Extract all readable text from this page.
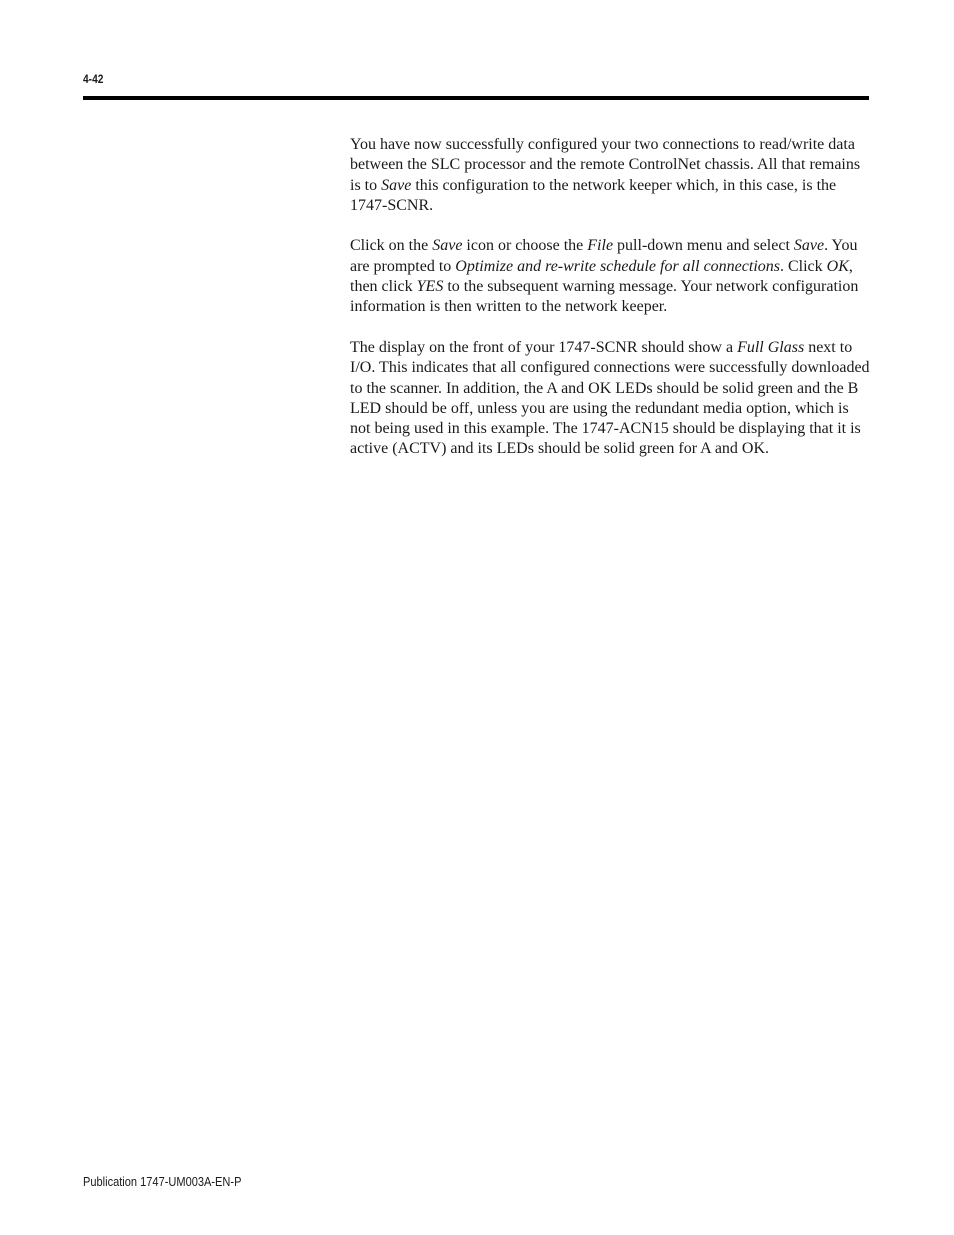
4-42

You have now successfully configured your two connections to read/write data between the SLC processor and the remote ControlNet chassis. All that remains is to Save this configuration to the network keeper which, in this case, is the 1747-SCNR.

Click on the Save icon or choose the File pull-down menu and select Save. You are prompted to Optimize and re-write schedule for all connections. Click OK, then click YES to the subsequent warning message. Your network configuration information is then written to the network keeper.

The display on the front of your 1747-SCNR should show a Full Glass next to I/O. This indicates that all configured connections were successfully downloaded to the scanner. In addition, the A and OK LEDs should be solid green and the B LED should be off, unless you are using the redundant media option, which is not being used in this example. The 1747-ACN15 should be displaying that it is active (ACTV) and its LEDs should be solid green for A and OK.

Publication 1747-UM003A-EN-P
